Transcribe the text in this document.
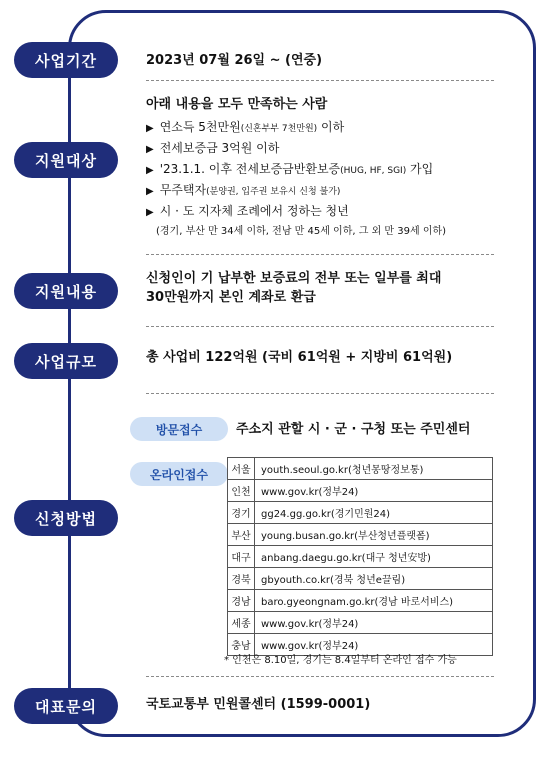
사업기간	2023년 07월 26일 ~ (연중)
지원대상
아래 내용을 모두 만족하는 사람
▶ 연소득 5천만원(신혼부부 7천만원) 이하
▶ 전세보증금 3억원 이하
▶ '23.1.1. 이후 전세보증금반환보증(HUG, HF, SGI) 가입
▶ 무주택자(분양권, 입주권 보유시 신청 불가)
▶ 시 · 도 지자체 조례에서 정하는 청년
(경기, 부산 만 34세 이하, 전남 만 45세 이하, 그 외 만 39세 이하)
지원내용
신청인이 기 납부한 보증료의 전부 또는 일부를 최대
30만원까지 본인 계좌로 환급
사업규모	총 사업비 122억원 (국비 61억원 + 지방비 61억원)
신청방법
방문접수	주소지 관할 시 · 군 · 구청 또는 주민센터
온라인접수	서울	youth.seoul.go.kr(청년몽땅정보통)
인천	www.gov.kr(정부24)
경기	gg24.gg.go.kr(경기민원24)
부산	young.busan.go.kr(부산청년플랫폼)
대구	anbang.daegu.go.kr(대구 청년安방)
경북	gbyouth.co.kr(경북 청년e끌림)
경남	baro.gyeongnam.go.kr(경남 바로서비스)
세종	www.gov.kr(정부24)
충남	www.gov.kr(정부24)
* 인천은 8.10일, 경기는 8.4일부터 온라인 접수 가능
대표문의	국토교통부 민원콜센터 (1599-0001)
